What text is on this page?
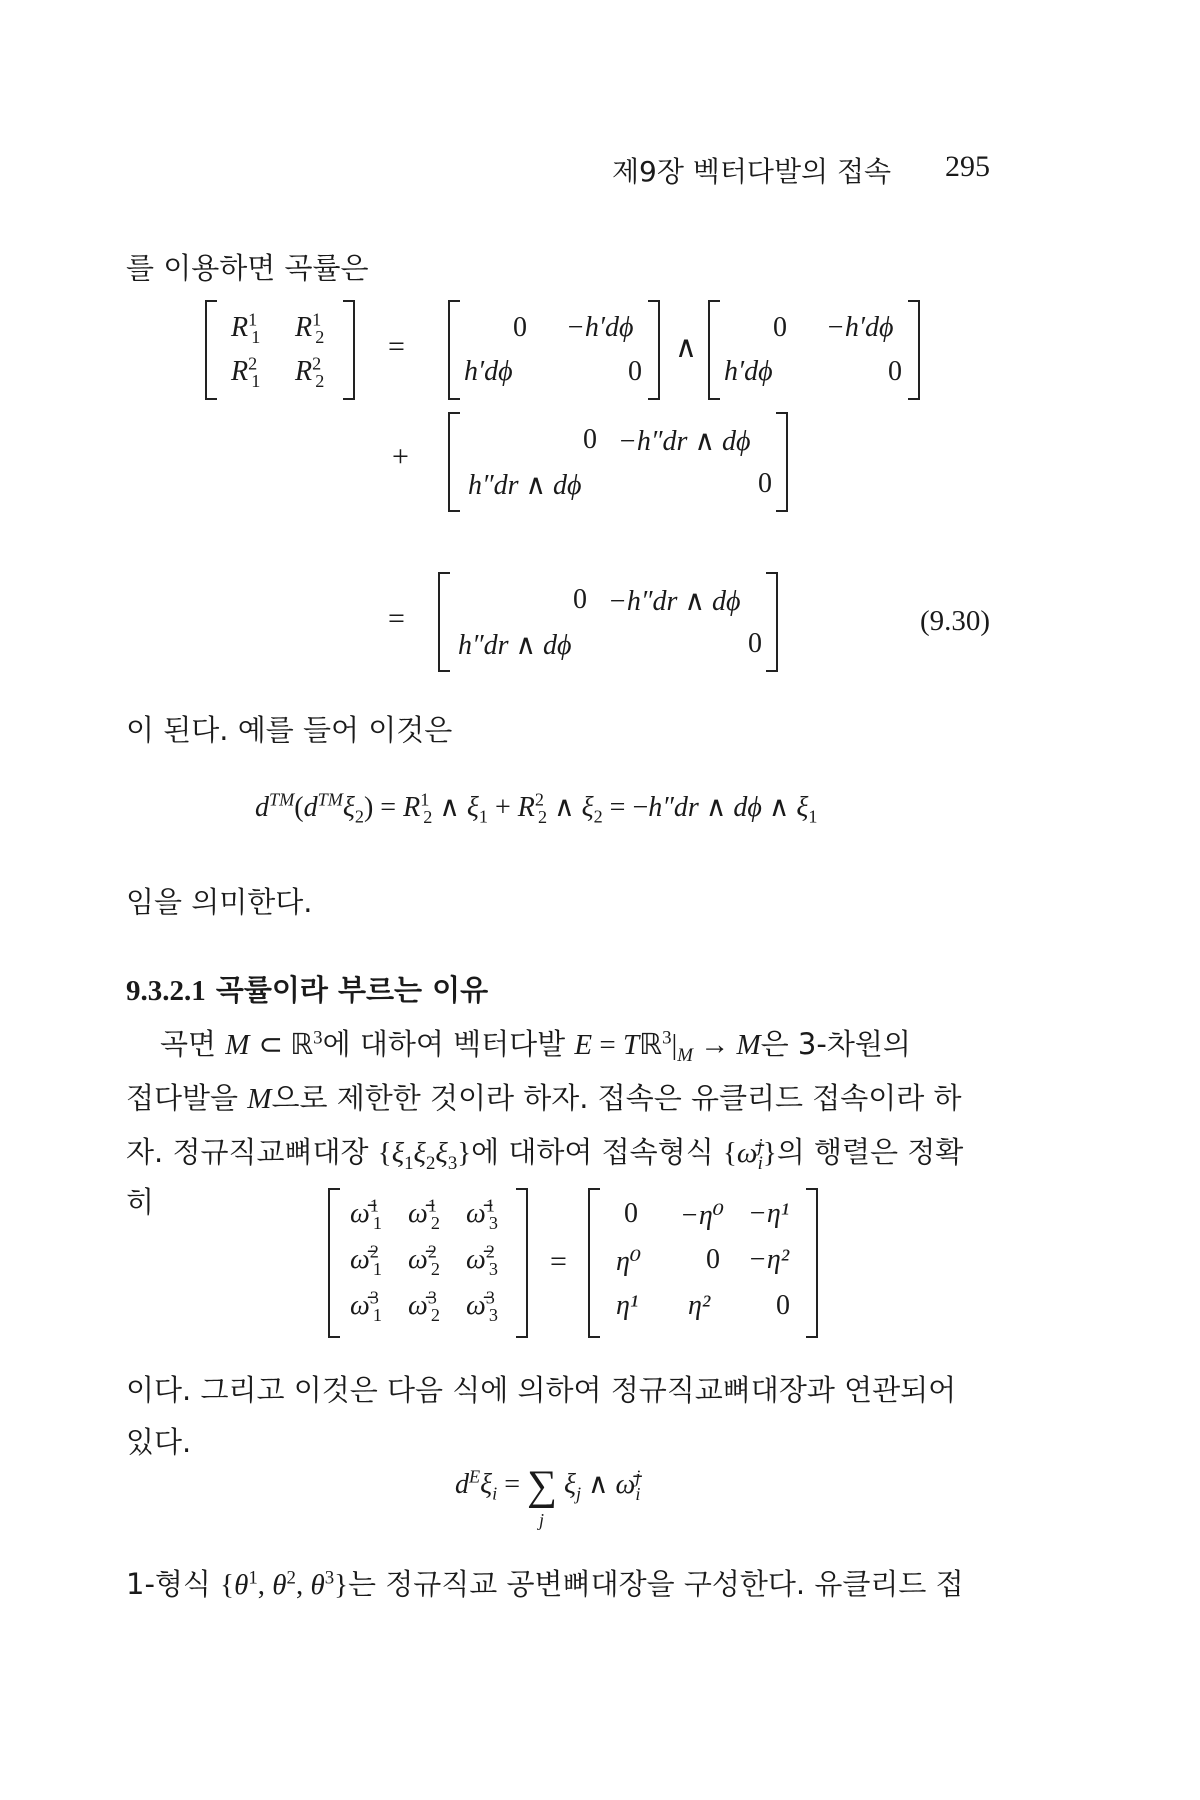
제9장 벡터다발의 접속 295
를 이용하면 곡률은
$R^1_1$ $R^1_2$
$R^2_1$ $R^2_2$
=
0 −h′dϕ
h′dϕ	0
∧
0 −h′dϕ
h′dϕ	0
+
0 −h″dr ∧ dϕ
h″dr ∧ dϕ	0
=
0 −h″dr ∧ dϕ
h″dr ∧ dϕ	0
(9.30)
이 된다. 예를 들어 이것은
$d™(d™\xi_2) = R^1_2$ ∧ $\xi_1 + R^2_2$ ∧ $\xi_2 = -h''dr$ ∧ dϕ ∧ $\xi_1$
임을 의미한다.
9.3.2.1 곡률이라 부르는 이유
곡면 M ⊂ ℝ$^3$에 대하여 벡터다발 $E = Tℝ^3|_M \to M$은 3-차원의
접다발을 M으로 제한한 것이라 하자. 접속은 유클리드 접속이라 하
자. 정규직교뼈대장 $\{\xi_1\xi_2\xi_3\}$에 대하여 접속형식 {ω̄$^j_i$}의 행렬은 정확
히	ω̄$^1_1$ ω̄$^1_2$ ω̄$^1_3$
ω̄$^2_1$ ω̄$^2_2$ ω̄$^2_3$
ω̄$^3_1$ ω̄$^3_2$ ω̄$^3_3$
=
0 −η⁰ −η¹
η⁰ 0 −η²
η¹ η² 0
이다. 그리고 이것은 다음 식에 의하여 정규직교뼈대장과 연관되어
있다.
$d^E\xi_i$ = ∑
j
$\xi_j$ ∧ ω̄$^j_i$
1-형식 {$\theta^1$, $\theta^2$, $\theta^3$}는 정규직교 공변뼈대장을 구성한다. 유클리드 접
